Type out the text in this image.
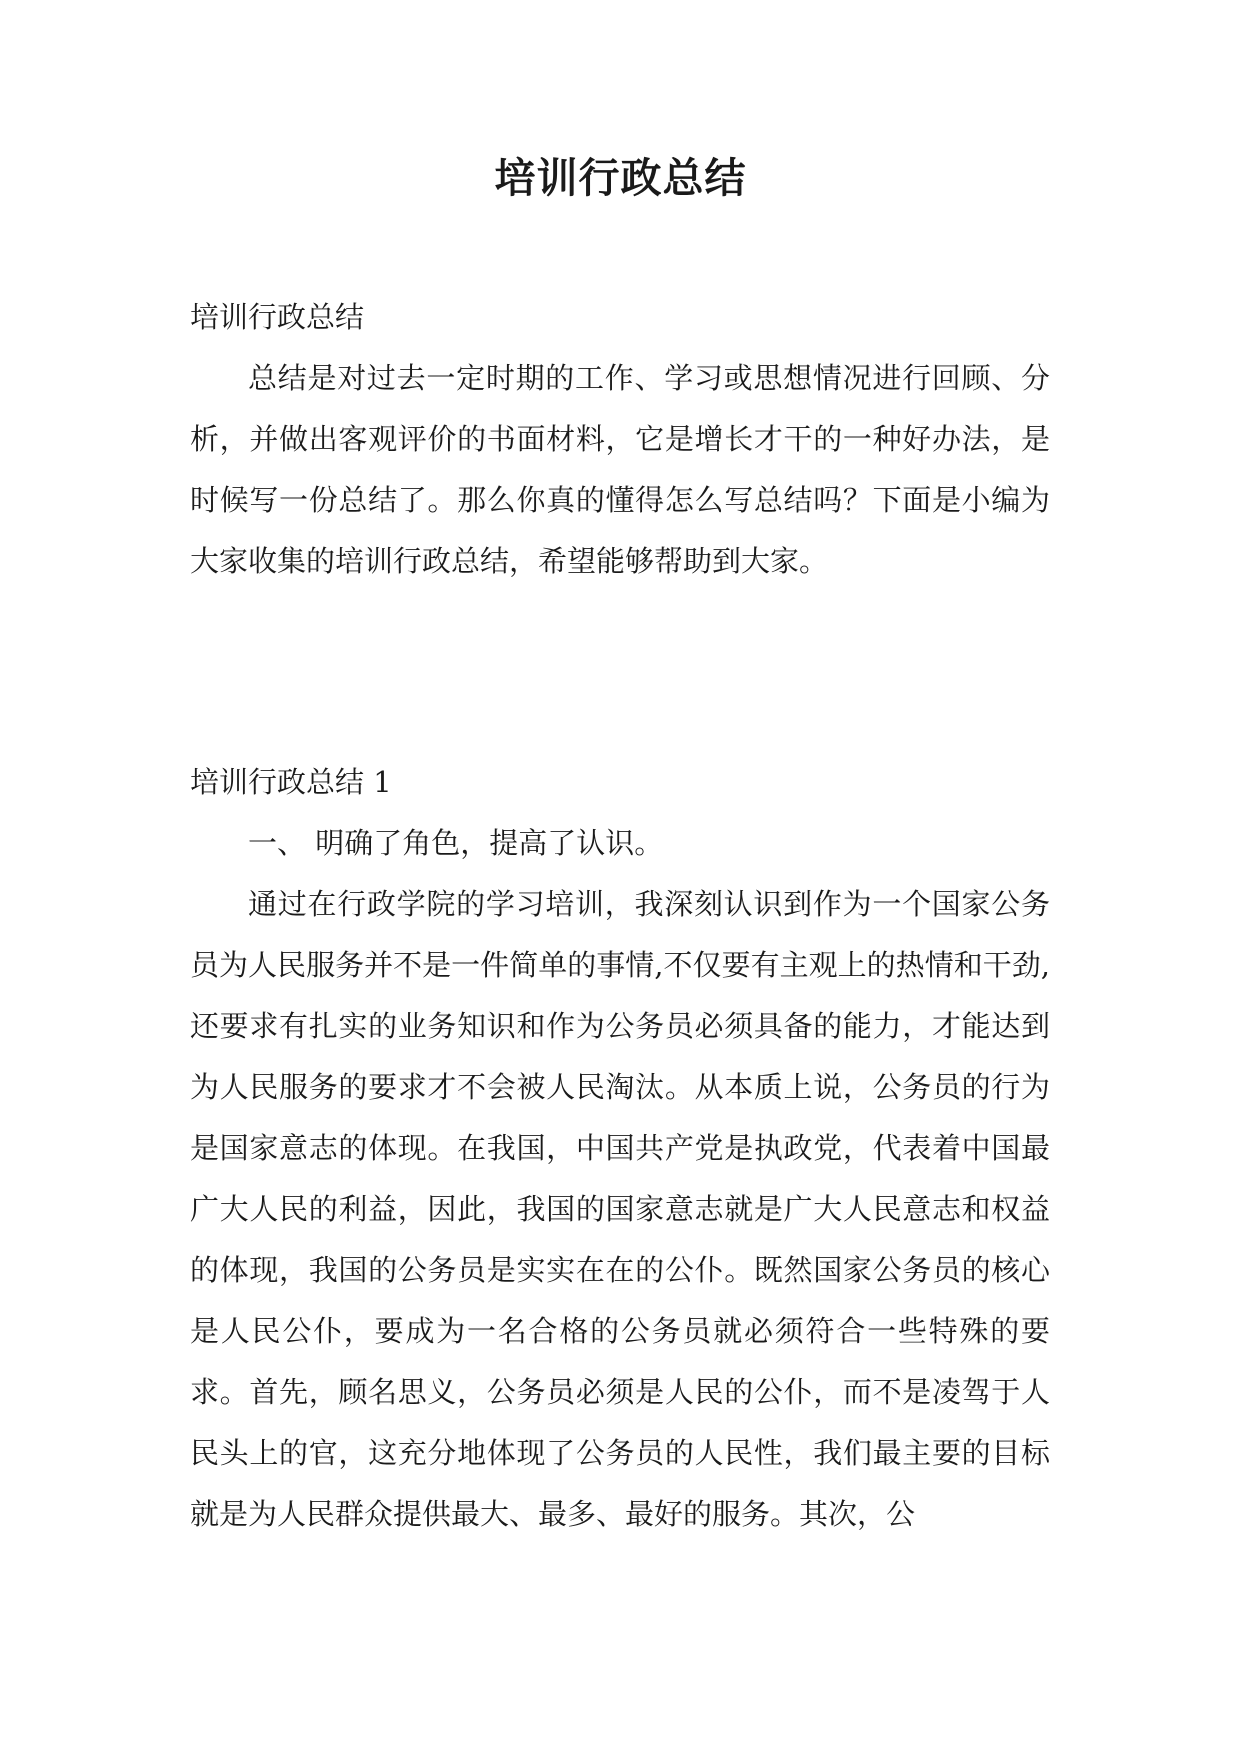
培训行政总结

培训行政总结

总结是对过去一定时期的工作、学习或思想情况进行回顾、分析，并做出客观评价的书面材料，它是增长才干的一种好办法，是时候写一份总结了。那么你真的懂得怎么写总结吗？下面是小编为大家收集的培训行政总结，希望能够帮助到大家。

培训行政总结 1

一、 明确了角色，提高了认识。

通过在行政学院的学习培训，我深刻认识到作为一个国家公务员为人民服务并不是一件简单的事情,不仅要有主观上的热情和干劲,还要求有扎实的业务知识和作为公务员必须具备的能力，才能达到为人民服务的要求才不会被人民淘汰。从本质上说，公务员的行为是国家意志的体现。在我国，中国共产党是执政党，代表着中国最广大人民的利益，因此，我国的国家意志就是广大人民意志和权益的体现，我国的公务员是实实在在的公仆。既然国家公务员的核心是人民公仆，要成为一名合格的公务员就必须符合一些特殊的要求。首先，顾名思义，公务员必须是人民的公仆，而不是凌驾于人民头上的官，这充分地体现了公务员的人民性，我们最主要的目标就是为人民群众提供最大、最多、最好的服务。其次，公
